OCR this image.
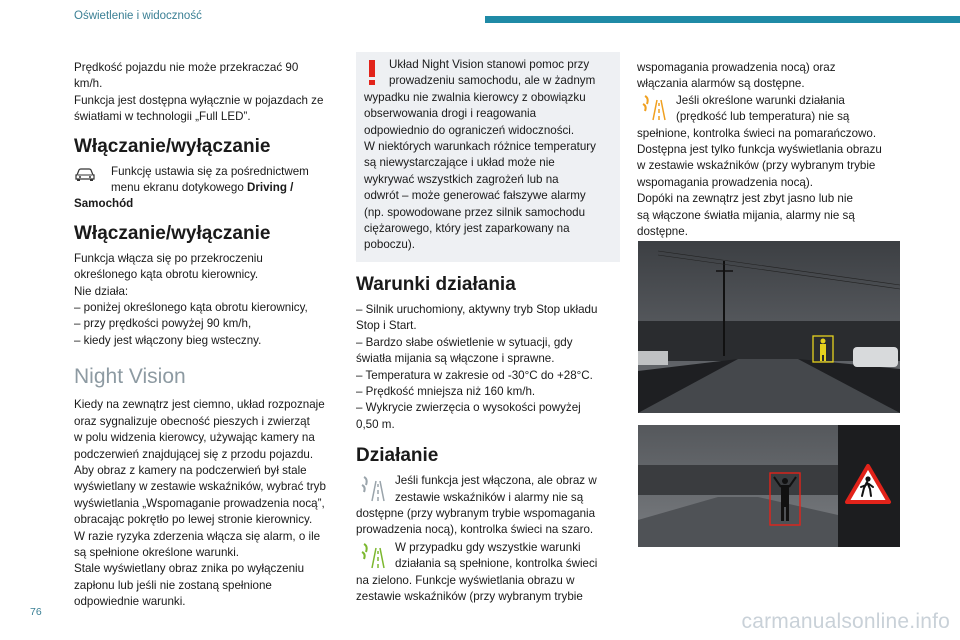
Oświetlenie i widoczność

Prędkość pojazdu nie może przekraczać 90

km/h.

Funkcja jest dostępna wyłącznie w pojazdach ze

światłami w technologii „Full LED”.

Włączanie/wyłączanie

Funkcję ustawia się za pośrednictwem

menu ekranu dotykowego Driving /

Samochód

Włączanie/wyłączanie

Funkcja włącza się po przekroczeniu

określonego kąta obrotu kierownicy.

Nie działa:

– poniżej określonego kąta obrotu kierownicy,

– przy prędkości powyżej 90 km/h,

– kiedy jest włączony bieg wsteczny.

Night Vision

Kiedy na zewnątrz jest ciemno, układ rozpoznaje

oraz sygnalizuje obecność pieszych i zwierząt

w polu widzenia kierowcy, używając kamery na

podczerwień znajdującej się z przodu pojazdu.

Aby obraz z kamery na podczerwień był stale

wyświetlany w zestawie wskaźników, wybrać tryb

wyświetlania „Wspomaganie prowadzenia nocą”,

obracając pokrętło po lewej stronie kierownicy.

W razie ryzyka zderzenia włącza się alarm, o ile

są spełnione określone warunki.

Stale wyświetlany obraz znika po wyłączeniu

zapłonu lub jeśli nie zostaną spełnione

odpowiednie warunki.

Układ Night Vision stanowi pomoc przy

prowadzeniu samochodu, ale w żadnym

wypadku nie zwalnia kierowcy z obowiązku

obserwowania drogi i reagowania

odpowiednio do ograniczeń widoczności.

W niektórych warunkach różnice temperatury

są niewystarczające i układ może nie

wykrywać wszystkich zagrożeń lub na

odwrót – może generować fałszywe alarmy

(np. spowodowane przez silnik samochodu

ciężarowego, który jest zaparkowany na

poboczu).

Warunki działania

– Silnik uruchomiony, aktywny tryb Stop układu

Stop i Start.

– Bardzo słabe oświetlenie w sytuacji, gdy

światła mijania są włączone i sprawne.

– Temperatura w zakresie od -30°C do +28°C.

– Prędkość mniejsza niż 160 km/h.

– Wykrycie zwierzęcia o wysokości powyżej

0,50 m.

Działanie

Jeśli funkcja jest włączona, ale obraz w

zestawie wskaźników i alarmy nie są

dostępne (przy wybranym trybie wspomagania

prowadzenia nocą), kontrolka świeci na szaro.

W przypadku gdy wszystkie warunki

działania są spełnione, kontrolka świeci

na zielono. Funkcje wyświetlania obrazu w

zestawie wskaźników (przy wybranym trybie

wspomagania prowadzenia nocą) oraz

włączania alarmów są dostępne.

Jeśli określone warunki działania

(prędkość lub temperatura) nie są

spełnione, kontrolka świeci na pomarańczowo.

Dostępna jest tylko funkcja wyświetlania obrazu

w zestawie wskaźników (przy wybranym trybie

wspomagania prowadzenia nocą).

Dopóki na zewnątrz jest zbyt jasno lub nie

są włączone światła mijania, alarmy nie są

dostępne.

76	carmanualsonline.info
